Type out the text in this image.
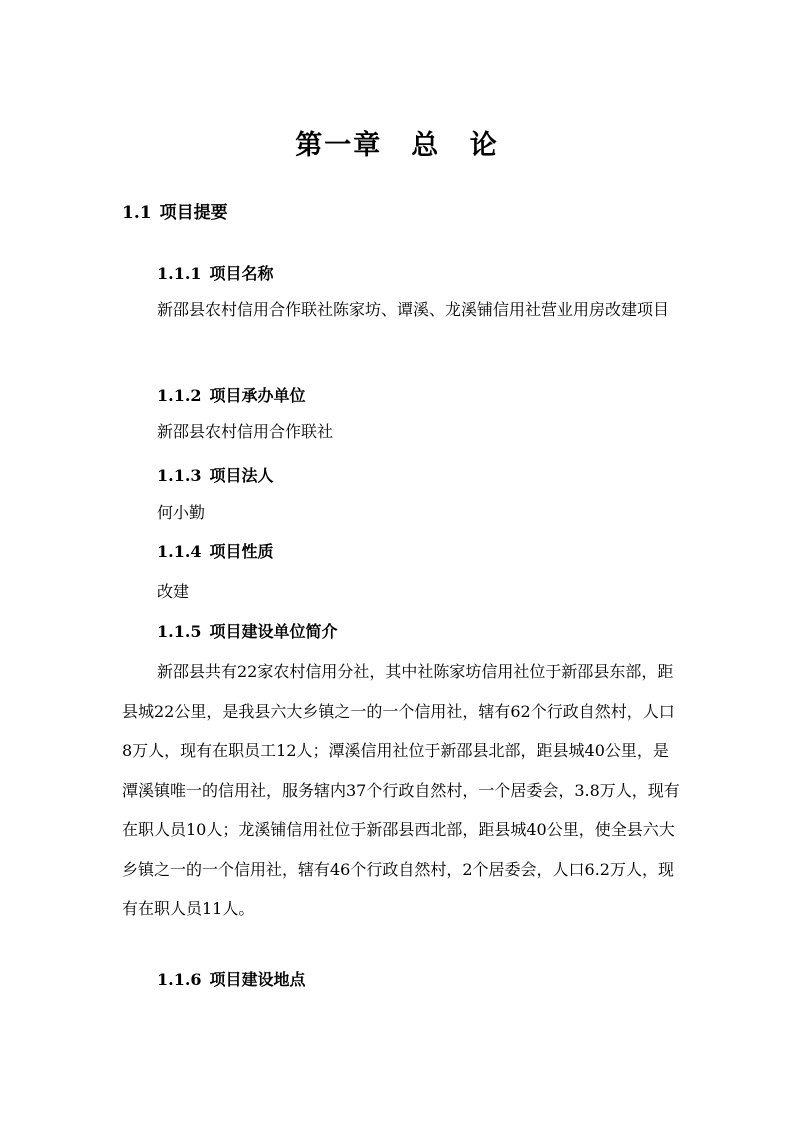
第一章　总 论
1.1 项目提要
1.1.1 项目名称
新邵县农村信用合作联社陈家坊、谭溪、龙溪铺信用社营业用房改建项目
1.1.2 项目承办单位
新邵县农村信用合作联社
1.1.3 项目法人
何小勤
1.1.4 项目性质
改建
1.1.5 项目建设单位简介
新邵县共有22家农村信用分社，其中社陈家坊信用社位于新邵县东部，距县城22公里，是我县六大乡镇之一的一个信用社，辖有62个行政自然村，人口8万人，现有在职员工12人；潭溪信用社位于新邵县北部，距县城40公里，是潭溪镇唯一的信用社，服务辖内37个行政自然村，一个居委会，3.8万人，现有在职人员10人；龙溪铺信用社位于新邵县西北部，距县城40公里，使全县六大乡镇之一的一个信用社，辖有46个行政自然村，2个居委会，人口6.2万人，现有在职人员11人。
1.1.6 项目建设地点
